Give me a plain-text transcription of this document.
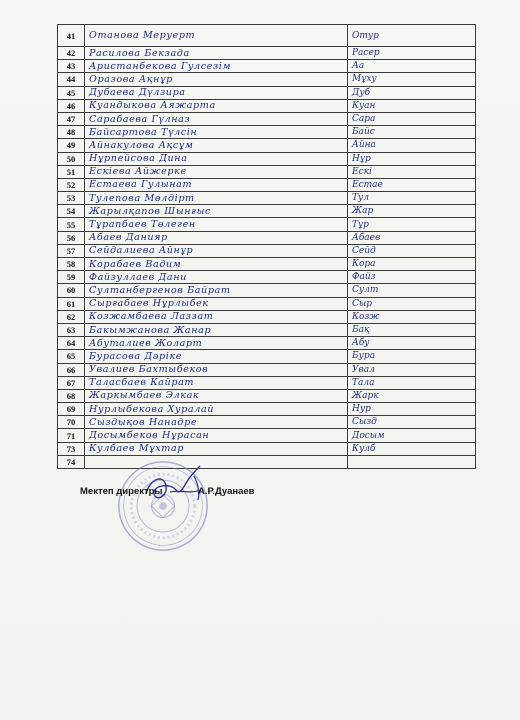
41	Отанова Меруерт	Отур
42	Расилова Бекзада	Расер
43	Аристанбекова Гулсезім	Аа
44	Оразова Ақнұр	Мұху
45	Дубаева Дүлзира	Дуб
46	Куандыкова Аяжарта	Куан
47	Сарабаева Гүлназ	Сара
48	Байсартова Түлсін	Байс
49	Айнакулова Ақсұм	Айна
50	Нұрпейсова Дина	Нұр
51	Ескіева Айжерке	Ескі
52	Естаева Гулынат	Естае
53	Тулепова Мөлдірт	Тул
54	Жарылқапов Шынғыс	Жар
55	Тұрапбаев Төлеген	Тұр
56	Абаев Данияр	Абаев
57	Сейдалиева Айнұр	Сейд
58	Корабаев Вадим	Кора
59	Файзуллаев Дани	Файз
60	Султанбергенов Байрат	Султ
61	Сырғабаев Нұрлыбек	Сыр
62	Козжамбаева Лаззат	Козж
63	Бакымжанова Жанар	Бақ
64	Абуталиев Жоларт	Абу
65	Бурасова Дәріке	Бура
66	Увалиев Бахтыбеков	Увал
67	Таласбаев Кайрат	Тала
68	Жаркымбаев Элкак	Жарк
69	Нурлыбекова Хуралай	Нур
70	Сыздықов Нанадре	Сызд
71	Досымбеков Нұрасан	Досым
73	Кулбаев Мұхтар	Кулб
74		
Мектеп директры	А.Р.Дуанаев
